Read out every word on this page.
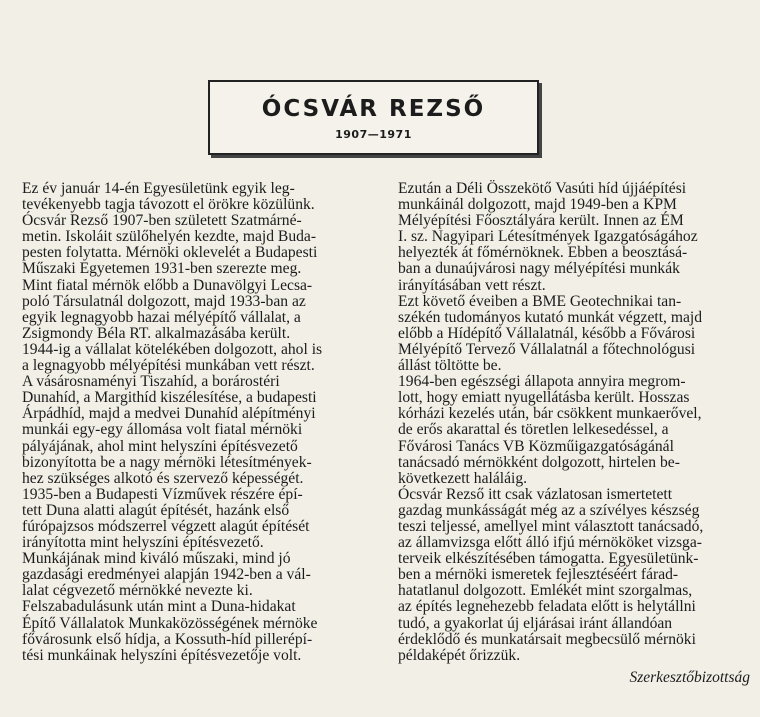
ÓCSVÁR REZSŐ
1907—1971
Ez év január 14-én Egyesületünk egyik leg-
tevékenyebb tagja távozott el örökre közülünk.
Ócsvár Rezső 1907-ben született Szatmárné-
metin. Iskoláit szülőhelyén kezdte, majd Buda-
pesten folytatta. Mérnöki oklevelét a Budapesti
Műszaki Egyetemen 1931-ben szerezte meg.
Mint fiatal mérnök előbb a Dunavölgyi Lecsa-
poló Társulatnál dolgozott, majd 1933-ban az
egyik legnagyobb hazai mélyépítő vállalat, a
Zsigmondy Béla RT. alkalmazásába került.
1944-ig a vállalat kötelékében dolgozott, ahol is
a legnagyobb mélyépítési munkában vett részt.
A vásárosnaményi Tiszahíd, a borárostéri
Dunahíd, a Margithíd kiszélesítése, a budapesti
Árpádhíd, majd a medvei Dunahíd alépítményi
munkái egy-egy állomása volt fiatal mérnöki
pályájának, ahol mint helyszíni építésvezető
bizonyította be a nagy mérnöki létesítmények-
hez szükséges alkotó és szervező képességét.
1935-ben a Budapesti Vízművek részére épí-
tett Duna alatti alagút építését, hazánk első
fúrópajzsos módszerrel végzett alagút építését
irányította mint helyszíni építésvezető.
Munkájának mind kiváló műszaki, mind jó
gazdasági eredményei alapján 1942-ben a vál-
lalat cégvezető mérnökké nevezte ki.
Felszabadulásunk után mint a Duna-hidakat
Építő Vállalatok Munkaközösségének mérnöke
fővárosunk első hídja, a Kossuth-híd pillerépí-
tési munkáinak helyszíni építésvezetője volt.
Ezután a Déli Összekötő Vasúti híd újjáépítési
munkáinál dolgozott, majd 1949-ben a KPM
Mélyépítési Főosztályára került. Innen az ÉM
I. sz. Nagyipari Létesítmények Igazgatóságához
helyezték át főmérnöknek. Ebben a beosztásá-
ban a dunaújvárosi nagy mélyépítési munkák
irányításában vett részt.
Ezt követő éveiben a BME Geotechnikai tan-
székén tudományos kutató munkát végzett, majd
előbb a Hídépítő Vállalatnál, később a Fővárosi
Mélyépítő Tervező Vállalatnál a főtechnológusi
állást töltötte be.
1964-ben egészségi állapota annyira megrom-
lott, hogy emiatt nyugellátásba került. Hosszas
kórházi kezelés után, bár csökkent munkaerővel,
de erős akarattal és töretlen lelkesedéssel, a
Fővárosi Tanács VB Közműigazgatóságánál
tanácsadó mérnökként dolgozott, hirtelen be-
következett haláláig.
Ócsvár Rezső itt csak vázlatosan ismertetett
gazdag munkásságát még az a szívélyes készség
teszi teljessé, amellyel mint választott tanácsadó,
az államvizsga előtt álló ifjú mérnököket vizsga-
terveik elkészítésében támogatta. Egyesületünk-
ben a mérnöki ismeretek fejlesztéséért fárad-
hatatlanul dolgozott. Emlékét mint szorgalmas,
az építés legnehezebb feladata előtt is helytállni
tudó, a gyakorlat új eljárásai iránt állandóan
érdeklődő és munkatársait megbecsülő mérnöki
példaképét őrizzük.
Szerkesztőbizottság
